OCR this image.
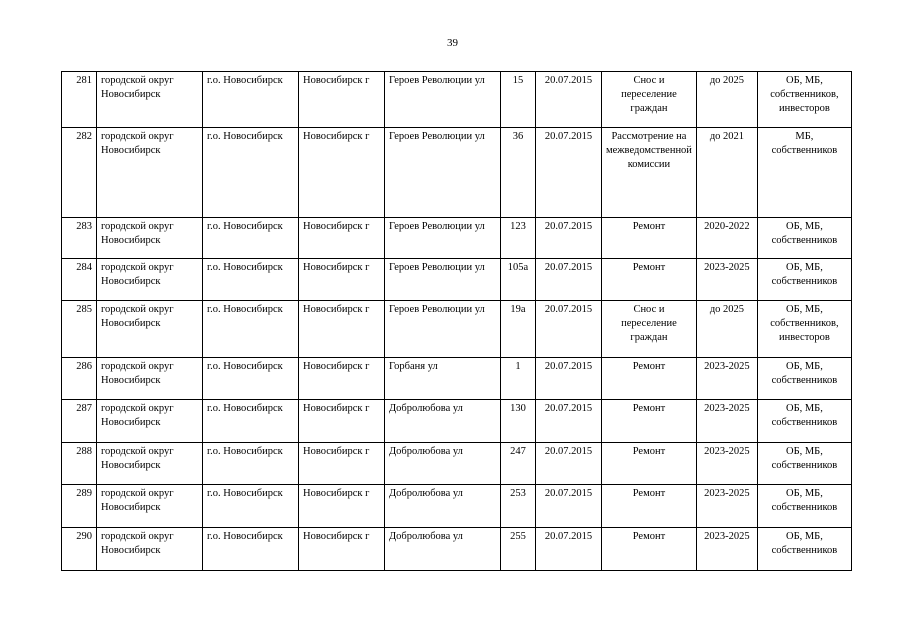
39
281	городской округ Новосибирск	г.о. Новосибирск	Новосибирск г	Героев Революции ул	15	20.07.2015	Снос и переселение граждан	до 2025	ОБ, МБ, собственников, инвесторов
282	городской округ Новосибирск	г.о. Новосибирск	Новосибирск г	Героев Революции ул	36	20.07.2015	Рассмотрение на межведомственной комиссии	до 2021	МБ, собственников
283	городской округ Новосибирск	г.о. Новосибирск	Новосибирск г	Героев Революции ул	123	20.07.2015	Ремонт	2020-2022	ОБ, МБ, собственников
284	городской округ Новосибирск	г.о. Новосибирск	Новосибирск г	Героев Революции ул	105а	20.07.2015	Ремонт	2023-2025	ОБ, МБ, собственников
285	городской округ Новосибирск	г.о. Новосибирск	Новосибирск г	Героев Революции ул	19а	20.07.2015	Снос и переселение граждан	до 2025	ОБ, МБ, собственников, инвесторов
286	городской округ Новосибирск	г.о. Новосибирск	Новосибирск г	Горбаня ул	1	20.07.2015	Ремонт	2023-2025	ОБ, МБ, собственников
287	городской округ Новосибирск	г.о. Новосибирск	Новосибирск г	Добролюбова ул	130	20.07.2015	Ремонт	2023-2025	ОБ, МБ, собственников
288	городской округ Новосибирск	г.о. Новосибирск	Новосибирск г	Добролюбова ул	247	20.07.2015	Ремонт	2023-2025	ОБ, МБ, собственников
289	городской округ Новосибирск	г.о. Новосибирск	Новосибирск г	Добролюбова ул	253	20.07.2015	Ремонт	2023-2025	ОБ, МБ, собственников
290	городской округ Новосибирск	г.о. Новосибирск	Новосибирск г	Добролюбова ул	255	20.07.2015	Ремонт	2023-2025	ОБ, МБ, собственников
